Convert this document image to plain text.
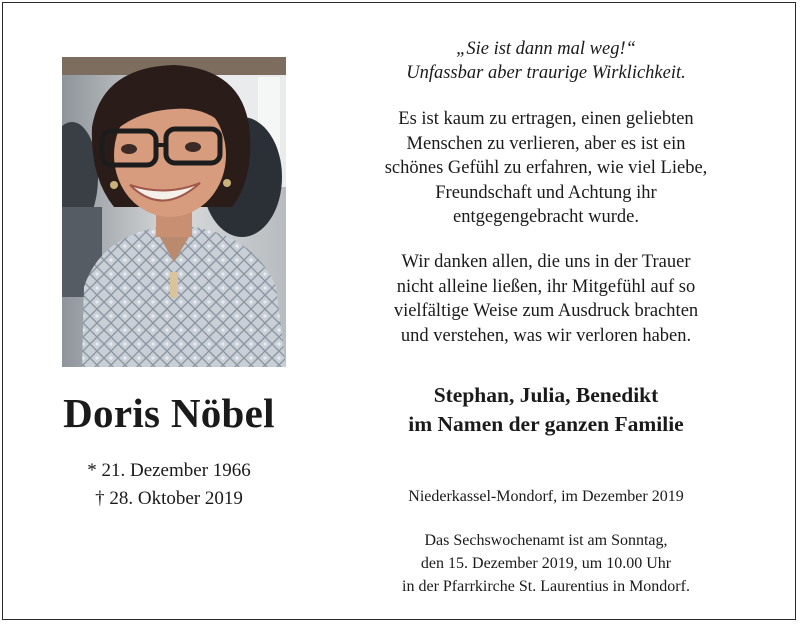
Doris Nöbel
* 21. Dezember 1966
† 28. Oktober 2019
„Sie ist dann mal weg!“
Unfassbar aber traurige Wirklichkeit.
Es ist kaum zu ertragen, einen geliebten
Menschen zu verlieren, aber es ist ein
schönes Gefühl zu erfahren, wie viel Liebe,
Freundschaft und Achtung ihr
entgegengebracht wurde.
Wir danken allen, die uns in der Trauer
nicht alleine ließen, ihr Mitgefühl auf so
vielfältige Weise zum Ausdruck brachten
und verstehen, was wir verloren haben.
Stephan, Julia, Benedikt
im Namen der ganzen Familie
Niederkassel-Mondorf, im Dezember 2019
Das Sechswochenamt ist am Sonntag,
den 15. Dezember 2019, um 10.00 Uhr
in der Pfarrkirche St. Laurentius in Mondorf.
